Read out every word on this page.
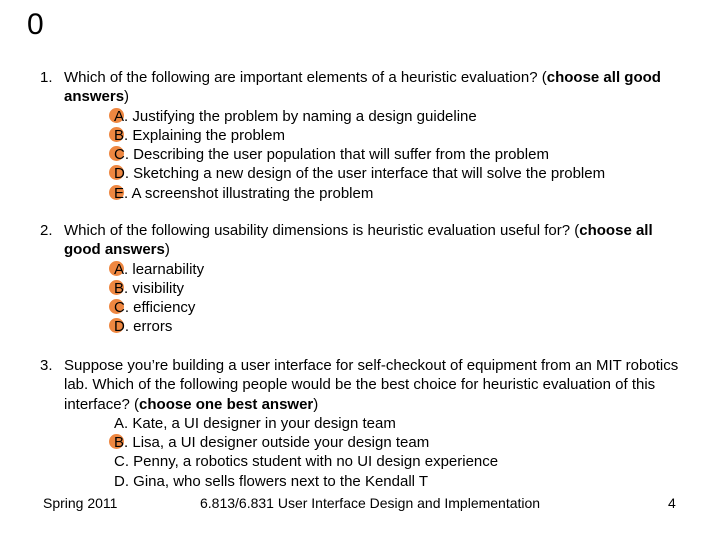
0
1. Which of the following are important elements of a heuristic evaluation? (choose all good answers)
A. Justifying the problem by naming a design guideline
B. Explaining the problem
C. Describing the user population that will suffer from the problem
D. Sketching a new design of the user interface that will solve the problem
E. A screenshot illustrating the problem
2. Which of the following usability dimensions is heuristic evaluation useful for? (choose all good answers)
A. learnability
B. visibility
C. efficiency
D. errors
3. Suppose you’re building a user interface for self-checkout of equipment from an MIT robotics lab. Which of the following people would be the best choice for heuristic evaluation of this interface? (choose one best answer)
A. Kate, a UI designer in your design team
B. Lisa, a UI designer outside your design team
C. Penny, a robotics student with no UI design experience
D. Gina, who sells flowers next to the Kendall T
Spring 2011	6.813/6.831 User Interface Design and Implementation	4
